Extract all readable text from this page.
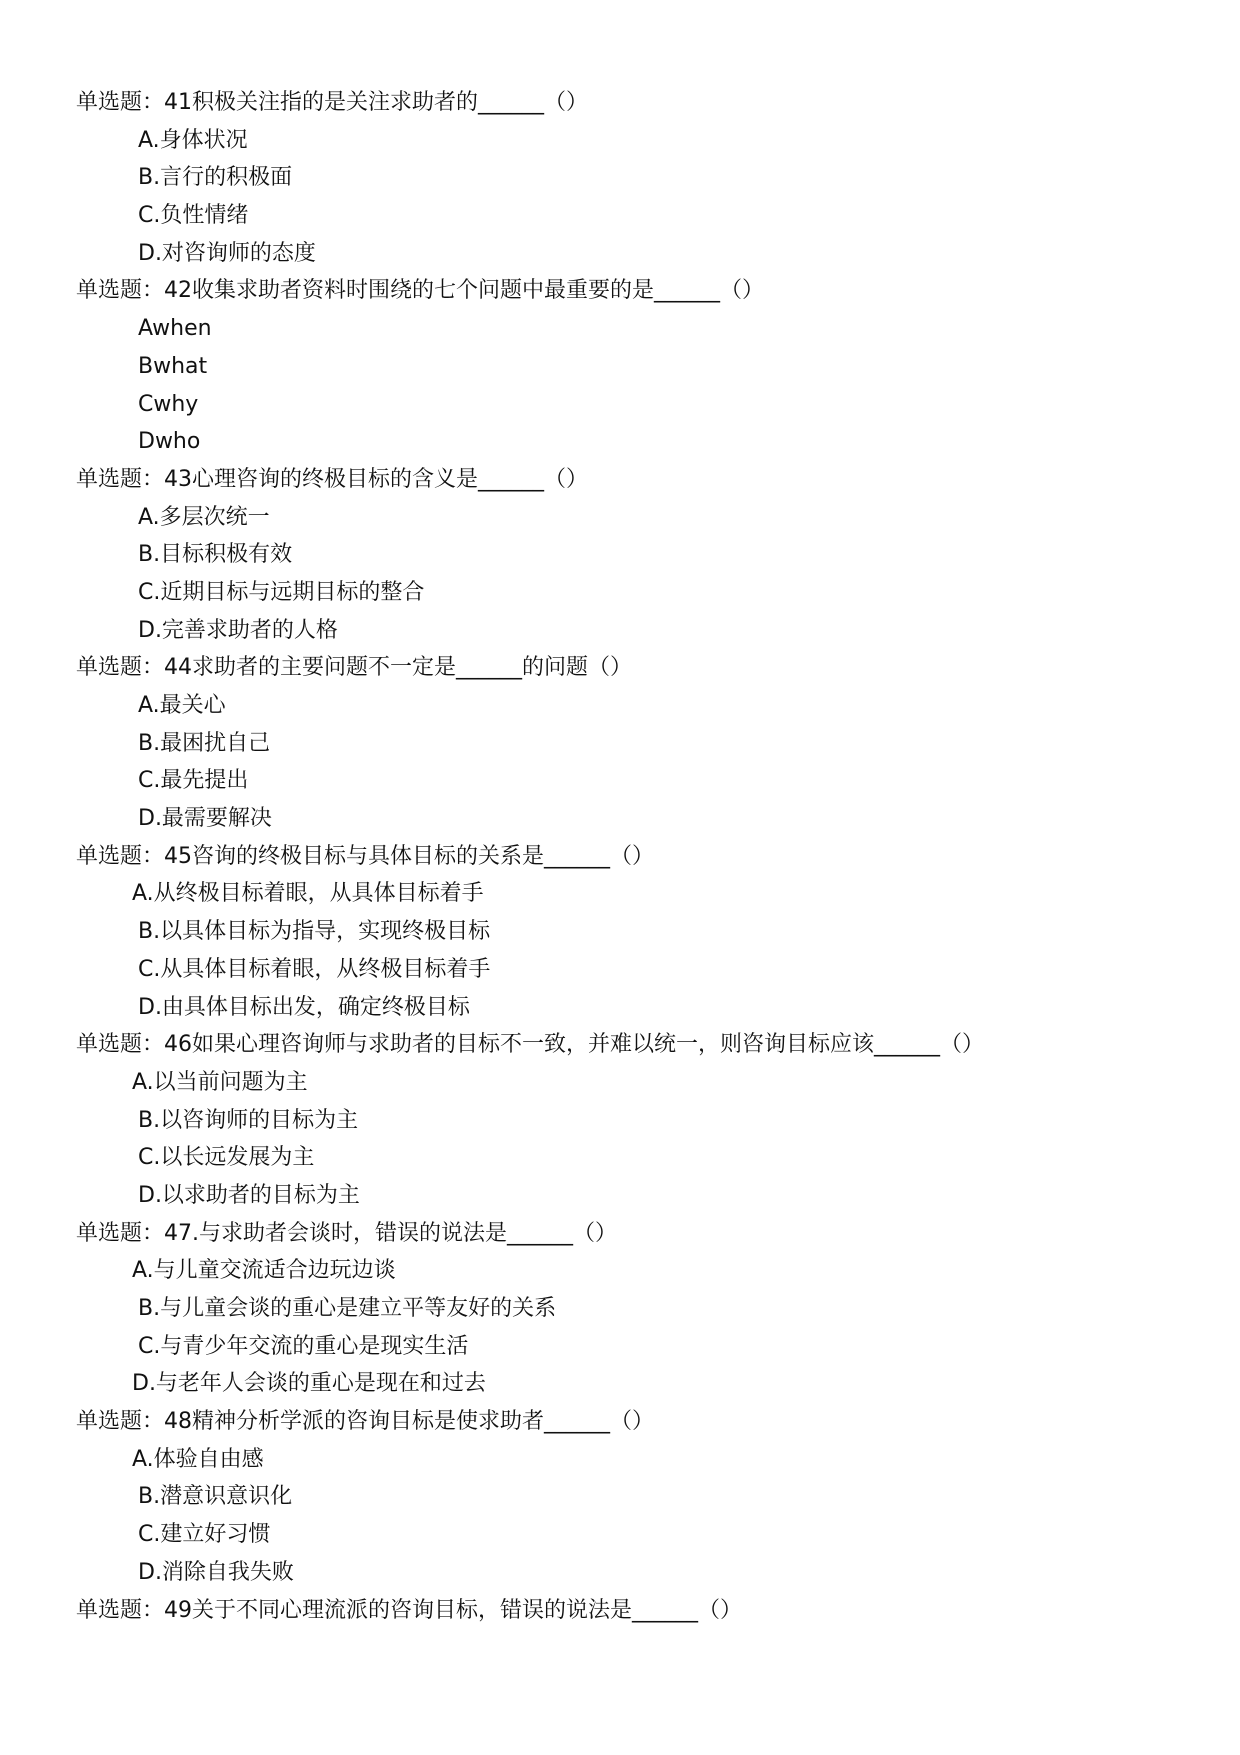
单选题：41积极关注指的是关注求助者的______（）
A.身体状况
B.言行的积极面
C.负性情绪
D.对咨询师的态度
单选题：42收集求助者资料时围绕的七个问题中最重要的是______（）
Awhen
Bwhat
Cwhy
Dwho
单选题：43心理咨询的终极目标的含义是______（）
A.多层次统一
B.目标积极有效
C.近期目标与远期目标的整合
D.完善求助者的人格
单选题：44求助者的主要问题不一定是______的问题（）
A.最关心
B.最困扰自己
C.最先提出
D.最需要解决
单选题：45咨询的终极目标与具体目标的关系是______（）
A.从终极目标着眼，从具体目标着手
B.以具体目标为指导，实现终极目标
C.从具体目标着眼，从终极目标着手
D.由具体目标出发，确定终极目标
单选题：46如果心理咨询师与求助者的目标不一致，并难以统一，则咨询目标应该______（）
A.以当前问题为主
B.以咨询师的目标为主
C.以长远发展为主
D.以求助者的目标为主
单选题：47.与求助者会谈时，错误的说法是______（）
A.与儿童交流适合边玩边谈
B.与儿童会谈的重心是建立平等友好的关系
C.与青少年交流的重心是现实生活
D.与老年人会谈的重心是现在和过去
单选题：48精神分析学派的咨询目标是使求助者______（）
A.体验自由感
B.潜意识意识化
C.建立好习惯
D.消除自我失败
单选题：49关于不同心理流派的咨询目标，错误的说法是______（）
